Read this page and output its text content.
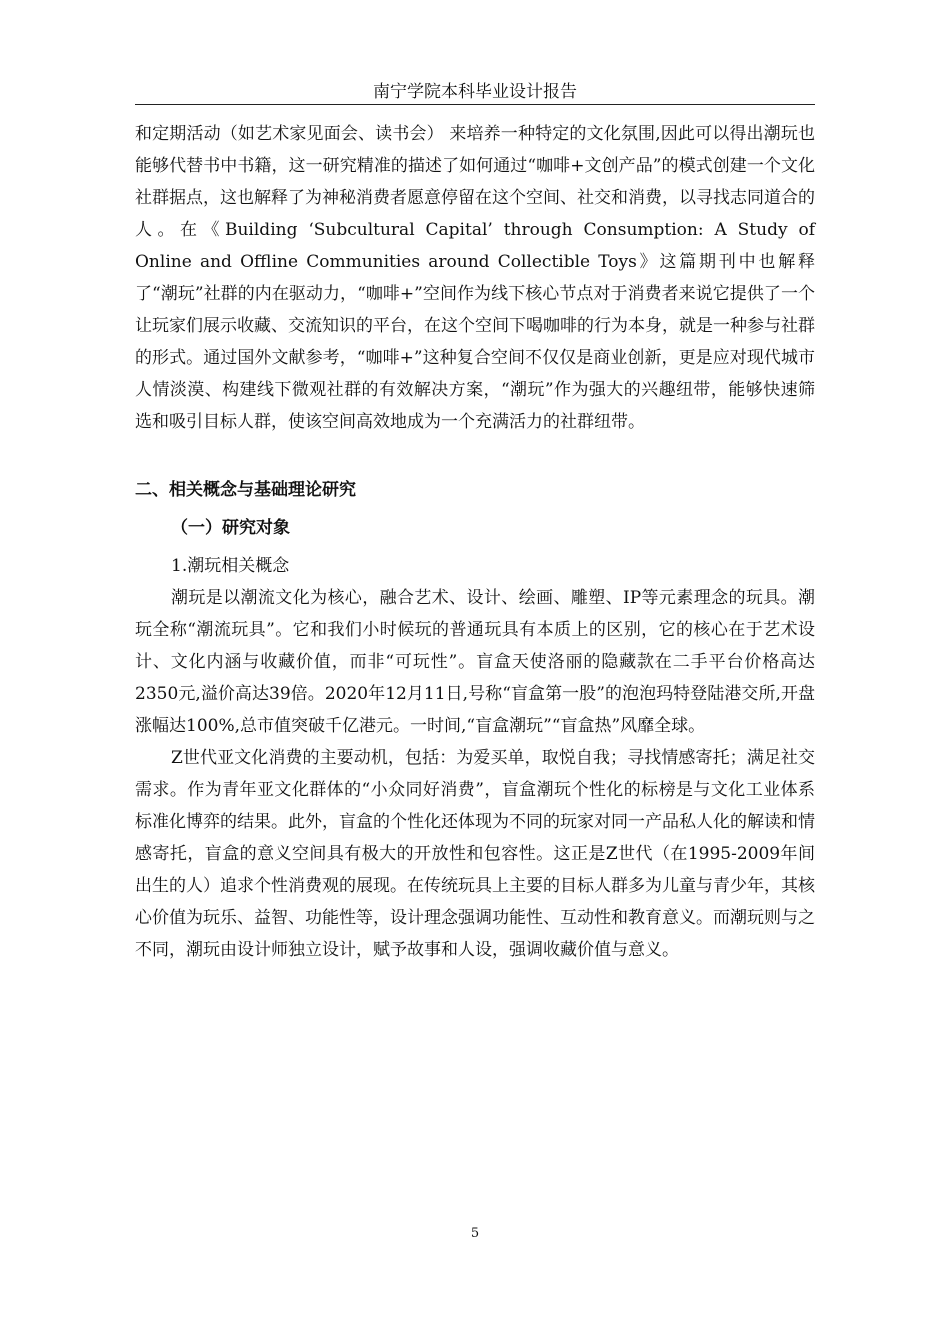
南宁学院本科毕业设计报告

和定期活动（如艺术家见面会、读书会） 来培养一种特定的文化氛围,因此可以得出潮玩也能够代替书中书籍，这一研究精准的描述了如何通过“咖啡+文创产品”的模式创建一个文化社群据点，这也解释了为神秘消费者愿意停留在这个空间、社交和消费，以寻找志同道合的人。在《Building ‘Subcultural Capital’ through Consumption: A Study of Online and Offline Communities around Collectible Toys》这篇期刊中也解释了“潮玩”社群的内在驱动力，“咖啡+”空间作为线下核心节点对于消费者来说它提供了一个让玩家们展示收藏、交流知识的平台，在这个空间下喝咖啡的行为本身，就是一种参与社群的形式。通过国外文献参考，“咖啡+”这种复合空间不仅仅是商业创新，更是应对现代城市人情淡漠、构建线下微观社群的有效解决方案，“潮玩”作为强大的兴趣纽带，能够快速筛选和吸引目标人群，使该空间高效地成为一个充满活力的社群纽带。

二、相关概念与基础理论研究

（一）研究对象

1.潮玩相关概念

潮玩是以潮流文化为核心，融合艺术、设计、绘画、雕塑、IP等元素理念的玩具。潮玩全称“潮流玩具”。它和我们小时候玩的普通玩具有本质上的区别，它的核心在于艺术设计、文化内涵与收藏价值，而非“可玩性”。盲盒天使洛丽的隐藏款在二手平台价格高达2350元,溢价高达39倍。2020年12月11日,号称“盲盒第一股”的泡泡玛特登陆港交所,开盘涨幅达100%,总市值突破千亿港元。一时间,“盲盒潮玩”“盲盒热”风靡全球。

Z世代亚文化消费的主要动机，包括：为爱买单，取悦自我；寻找情感寄托；满足社交需求。作为青年亚文化群体的“小众同好消费”，盲盒潮玩个性化的标榜是与文化工业体系标准化博弈的结果。此外，盲盒的个性化还体现为不同的玩家对同一产品私人化的解读和情感寄托，盲盒的意义空间具有极大的开放性和包容性。这正是Z世代（在1995-2009年间出生的人）追求个性消费观的展现。在传统玩具上主要的目标人群多为儿童与青少年，其核心价值为玩乐、益智、功能性等，设计理念强调功能性、互动性和教育意义。而潮玩则与之不同，潮玩由设计师独立设计，赋予故事和人设，强调收藏价值与意义。

5
